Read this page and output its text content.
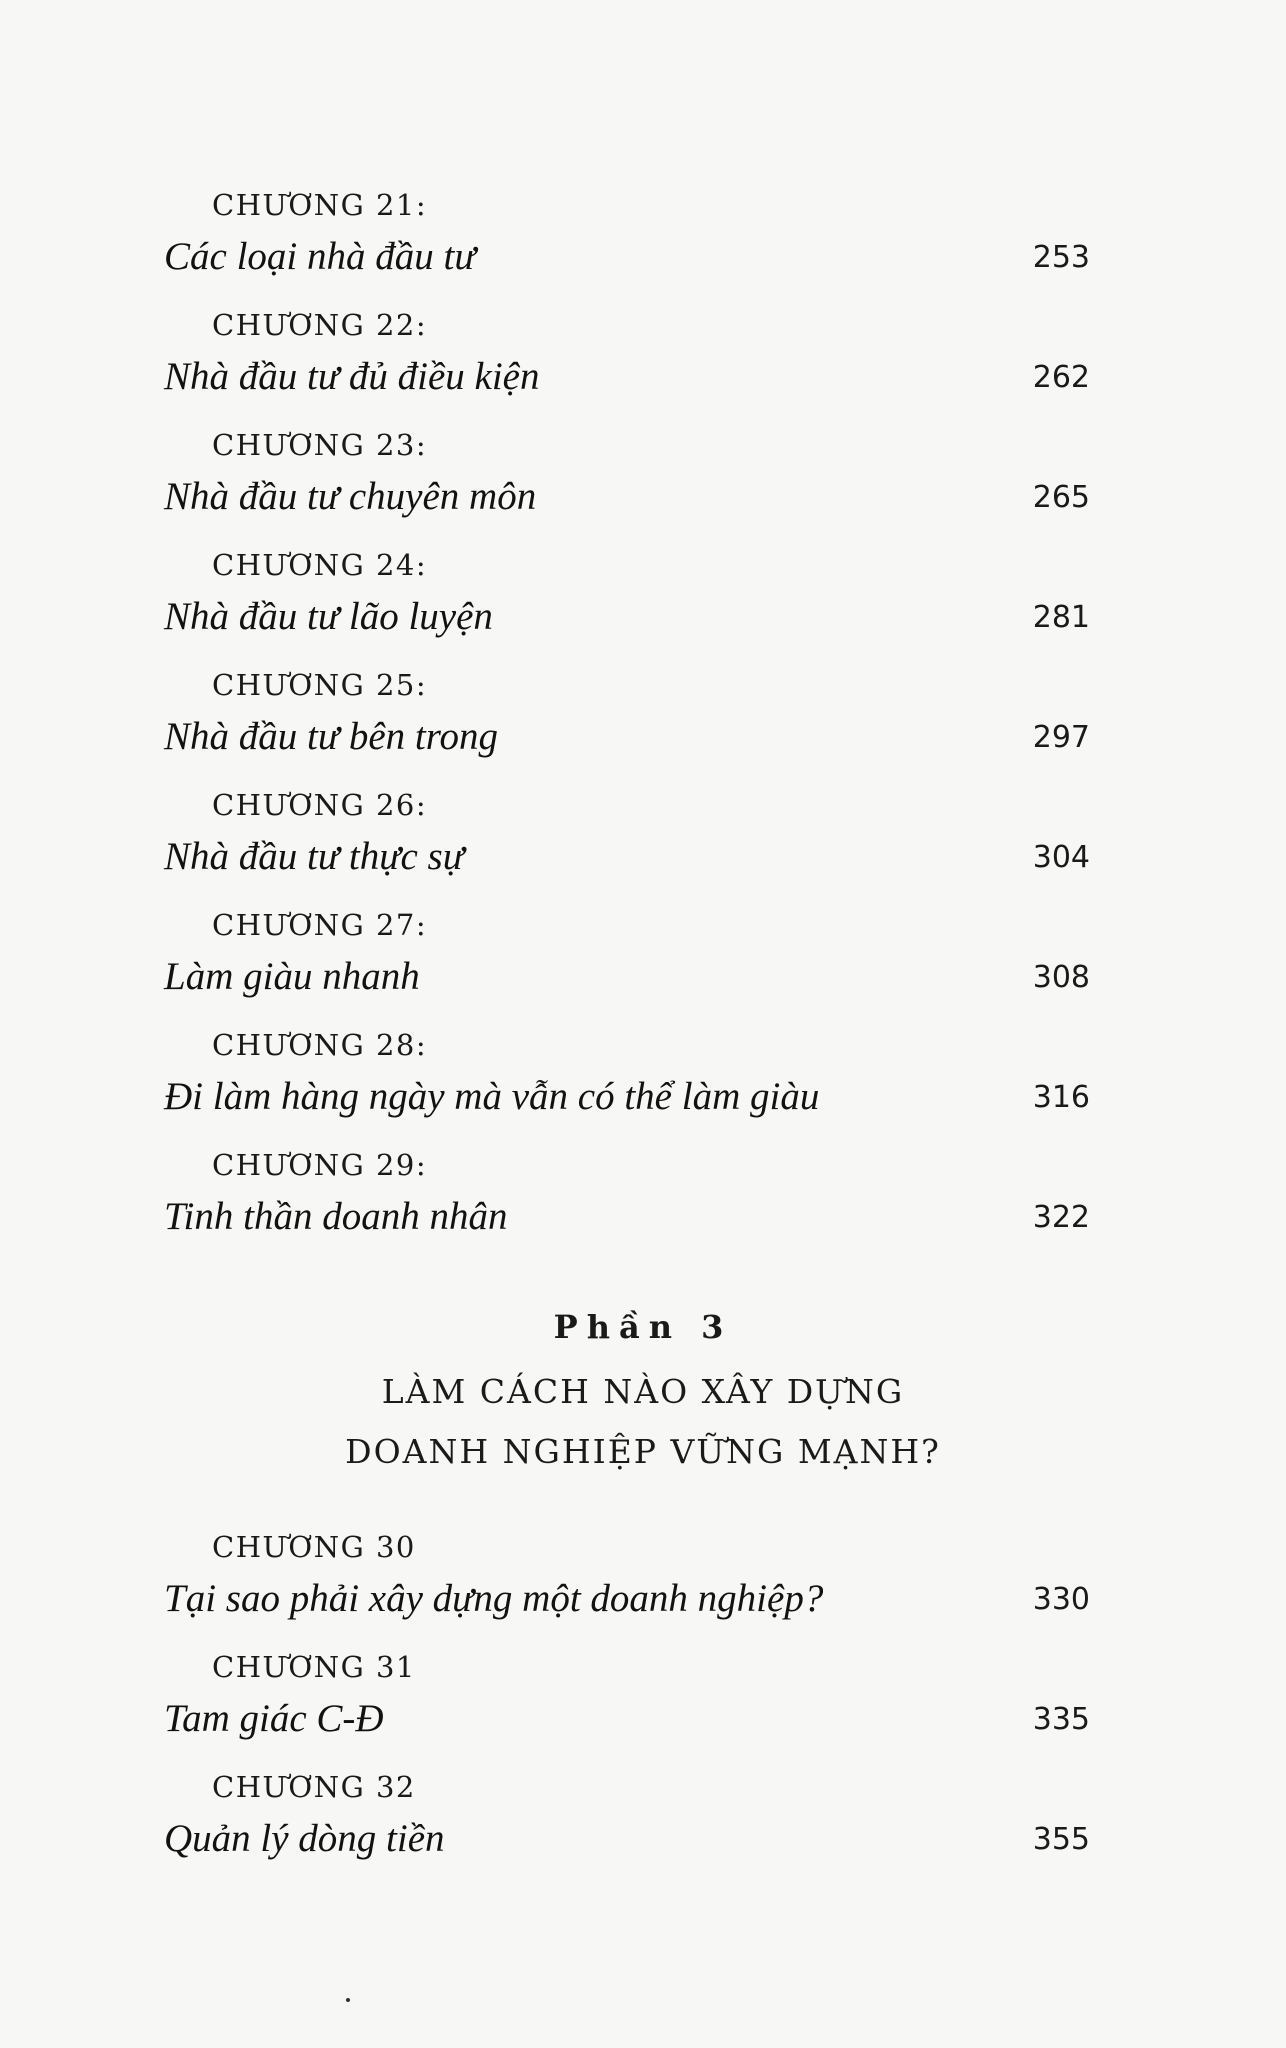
CHƯƠNG 21:
Các loại nhà đầu tư	253
CHƯƠNG 22:
Nhà đầu tư đủ điều kiện	262
CHƯƠNG 23:
Nhà đầu tư chuyên môn	265
CHƯƠNG 24:
Nhà đầu tư lão luyện	281
CHƯƠNG 25:
Nhà đầu tư bên trong	297
CHƯƠNG 26:
Nhà đầu tư thực sự	304
CHƯƠNG 27:
Làm giàu nhanh	308
CHƯƠNG 28:
Đi làm hàng ngày mà vẫn có thể làm giàu	316
CHƯƠNG 29:
Tinh thần doanh nhân	322
Phần 3
LÀM CÁCH NÀO XÂY DỰNG
DOANH NGHIỆP VỮNG MẠNH?
CHƯƠNG 30
Tại sao phải xây dựng một doanh nghiệp?	330
CHƯƠNG 31
Tam giác C-Đ	335
CHƯƠNG 32
Quản lý dòng tiền	355
